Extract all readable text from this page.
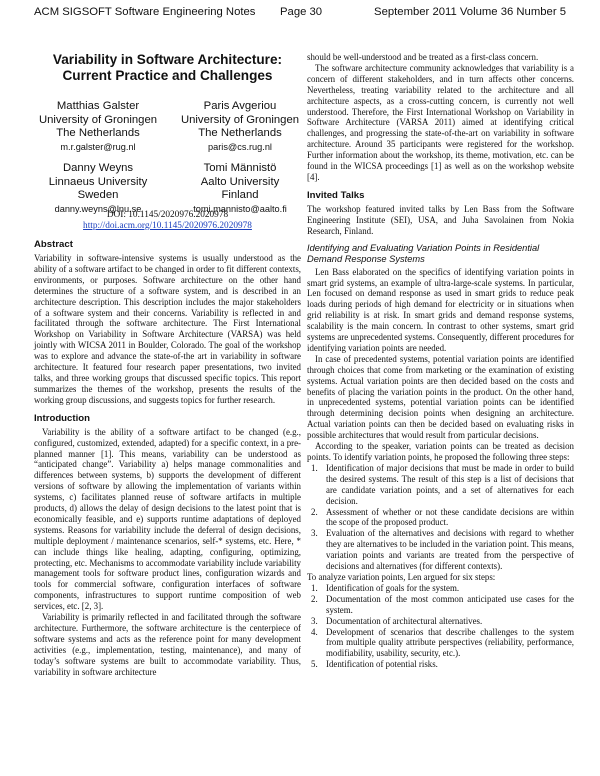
ACM SIGSOFT Software Engineering Notes Page 30	September 2011 Volume 36 Number 5
Variability in Software Architecture:
Current Practice and Challenges
Matthias Galster
University of Groningen
The Netherlands
m.r.galster@rug.nl
Paris Avgeriou
University of Groningen
The Netherlands
paris@cs.rug.nl
Danny Weyns
Linnaeus University
Sweden
danny.weyns@lnu.se
Tomi Männistö
Aalto University
Finland
tomi.mannisto@aalto.fi
DOI: 10.1145/2020976.2020978
http://doi.acm.org/10.1145/2020976.2020978
Abstract

Variability in software-intensive systems is usually understood as the ability of a software artifact to be changed in order to fit different contexts, environments, or purposes. Software architecture on the other hand determines the structure of a software system, and is described in an architecture description. This description includes the major stakeholders of a software system and their concerns. Variability is reflected in and facilitated through the software architecture. The First International Workshop on Variability in Software Architecture (VARSA) was held jointly with WICSA 2011 in Boulder, Colorado. The goal of the workshop was to explore and advance the state-of-the art in variability in software architecture. It featured four research paper presentations, two invited talks, and three working groups that discussed specific topics. This report summarizes the themes of the workshop, presents the results of the working group discussions, and suggests topics for further research.

Introduction

Variability is the ability of a software artifact to be changed (e.g., configured, customized, extended, adapted) for a specific context, in a pre-planned manner [1]. This means, variability can be understood as “anticipated change”. Variability a) helps manage commonalities and differences between systems, b) supports the development of different versions of software by allowing the implementation of variants within systems, c) facilitates planned reuse of software artifacts in multiple products, d) allows the delay of design decisions to the latest point that is economically feasible, and e) supports runtime adaptations of deployed systems. Reasons for variability include the deferral of design decisions, multiple deployment / maintenance scenarios, self-* systems, etc. Here, * can include things like healing, adapting, configuring, optimizing, protecting, etc. Mechanisms to accommodate variability include variability management tools for software product lines, configuration wizards and tools for commercial software, configuration interfaces of software components, infrastructures to support runtime composition of web services, etc. [2, 3].

Variability is primarily reflected in and facilitated through the software architecture. Furthermore, the software architecture is the centerpiece of software systems and acts as the reference point for many development activities (e.g., implementation, testing, maintenance), and many of today’s software systems are built to accommodate variability. Thus, variability in software architecture

should be well-understood and be treated as a first-class concern.

The software architecture community acknowledges that variability is a concern of different stakeholders, and in turn affects other concerns. Nevertheless, treating variability related to the architecture and all architecture aspects, as a cross-cutting concern, is currently not well understood. Therefore, the First International Workshop on Variability in Software Architecture (VARSA 2011) aimed at identifying critical challenges, and progressing the state-of-the-art on variability in software architecture. Around 35 participants were registered for the workshop. Further information about the workshop, its theme, motivation, etc. can be found in the WICSA proceedings [1] as well as on the workshop website [4].

Invited Talks

The workshop featured invited talks by Len Bass from the Software Engineering Institute (SEI), USA, and Juha Savolainen from Nokia Research, Finland.

Identifying and Evaluating Variation Points in Residential
Demand Response Systems

Len Bass elaborated on the specifics of identifying variation points in smart grid systems, an example of ultra-large-scale systems. In particular, Len focused on demand response as used in smart grids to reduce peak loads during periods of high demand for electricity or in situations when grid reliability is at risk. In smart grids and demand response systems, scalability is the main concern. In contrast to other systems, smart grid systems are unprecedented systems. Consequently, different procedures for identifying variation points are needed.

In case of precedented systems, potential variation points are identified through choices that come from marketing or the examination of existing systems. Actual variation points are then decided based on the costs and benefits of placing the variation points in the product. On the other hand, in unprecedented systems, potential variation points can be identified through determining decision points when designing an architecture. Actual variation points can then be decided based on evaluating risks in possible architectures that would result from particular decisions.

According to the speaker, variation points can be treated as decision points. To identify variation points, he proposed the following three steps:

1. Identification of major decisions that must be made in order to build the desired systems. The result of this step is a list of decisions that are candidate variation points, and a set of alternatives for each decision.
2. Assessment of whether or not these candidate decisions are within the scope of the proposed product.
3. Evaluation of the alternatives and decisions with regard to whether they are alternatives to be included in the variation point. This means, variation points and variants are treated from the perspective of decisions and alternatives (for different contexts).

To analyze variation points, Len argued for six steps:

1. Identification of goals for the system.
2. Documentation of the most common anticipated use cases for the system.
3. Documentation of architectural alternatives.
4. Development of scenarios that describe challenges to the system from multiple quality attribute perspectives (reliability, performance, modifiability, usability, security, etc.).
5. Identification of potential risks.
